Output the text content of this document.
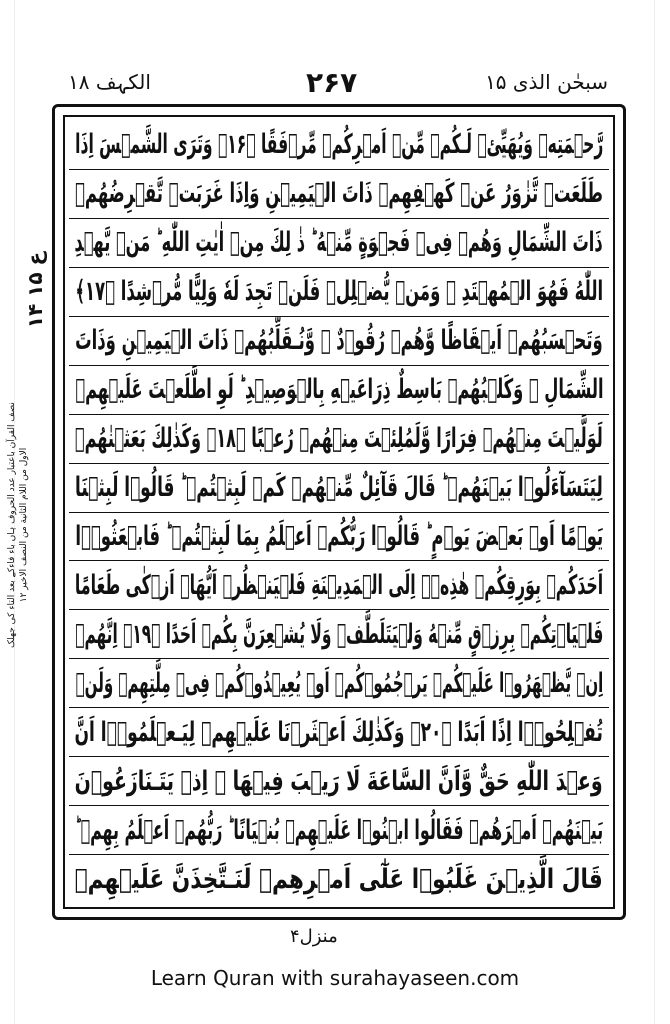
الکہف ۱۸	۲۶۷	سبحٰن الذی ۱۵
ع ۱۵ ۱۴
نصف القرآن باعتبار عدد الحروف ہاں باء فاءکے بعد التاء کی جھلک الاول من اللام الثانية من النصف الاخیر ۱۲
رَّحۡمَتِهٖ وَيُهَيِّئۡ لَـكُمۡ مِّنۡ اَمۡرِكُمۡ مِّرۡفَقًا ﴿۱۶﴾ وَتَرَى الشَّمۡسَ اِذَا
طَلَعَتۡ تَّزٰوَرُ عَنۡ كَهۡفِهِمۡ ذَاتَ الۡيَمِيۡنِ وَاِذَا غَرَبَتۡ تَّقۡرِضُهُمۡ
ذَاتَ الشِّمَالِ وَهُمۡ فِىۡ فَجۡوَةٍ مِّنۡهُ‌ ؕ ذٰ لِكَ مِنۡ اٰيٰتِ اللّٰهِ‌ ؕ مَنۡ يَّهۡدِ
اللّٰهُ فَهُوَ الۡمُهۡتَدِ‌ ۚ وَمَنۡ يُّضۡلِلۡ فَلَنۡ تَجِدَ لَهٗ وَلِيًّا مُّرۡشِدًا ﴿۱۷﴾
وَتَحۡسَبُهُمۡ اَيۡقَاظًا وَّهُمۡ رُقُوۡدٌ ‌ۖ وَّنُـقَلِّبُهُمۡ ذَاتَ الۡيَمِيۡنِ وَذَاتَ
الشِّمَالِ ‌ۖ وَكَلۡبُهُمۡ بَاسِطٌ ذِرَاعَيۡهِ بِالۡوَصِيۡدِ‌ ؕ لَوِ اطَّلَعۡتَ عَلَيۡهِمۡ
لَوَلَّيۡتَ مِنۡهُمۡ فِرَارًا وَّلَمُلِئۡتَ مِنۡهُمۡ رُعۡبًا ﴿۱۸﴾ وَكَذٰلِكَ بَعَثۡنٰهُمۡ
لِيَتَسَآءَلُوۡا بَيۡنَهُمۡ‌ ؕ قَالَ قَآئِلٌ مِّنۡهُمۡ كَمۡ لَبِثۡتُمۡ‌ ؕ قَالُوۡا لَبِثۡنَا
يَوۡمًا اَوۡ بَعۡضَ يَوۡمٍ‌ ؕ قَالُوۡا رَبُّكُمۡ اَعۡلَمُ بِمَا لَبِثۡتُمۡ ؕ فَابۡعَثُوۡۤا
اَحَدَكُمۡ بِوَرِقِكُمۡ هٰذِهٖۤ اِلَى الۡمَدِيۡنَةِ فَلۡيَنۡظُرۡ اَيُّهَاۤ اَزۡكٰى طَعَامًا
فَلۡيَاۡتِكُمۡ بِرِزۡقٍ مِّنۡهُ وَلۡيَتَلَطَّفۡ وَلَا يُشۡعِرَنَّ بِكُمۡ اَحَدًا ﴿۱۹﴾ اِنَّهُمۡ
اِنۡ يَّظۡهَرُوۡا عَلَيۡكُمۡ يَرۡجُمُوۡكُمۡ اَوۡ يُعِيۡدُوۡكُمۡ فِىۡ مِلَّتِهِمۡ وَلَنۡ
تُفۡلِحُوۡۤا اِذًا اَبَدًا ﴿۲۰﴾ وَكَذٰلِكَ اَعۡثَرۡنَا عَلَيۡهِمۡ لِيَـعۡلَمُوۡۤا اَنَّ
وَعۡدَ اللّٰهِ حَقٌّ وَّاَنَّ السَّاعَةَ لَا رَيۡبَ فِيۡهَا ‌ۚ اِذۡ يَتَـنَازَعُوۡنَ
بَيۡنَهُمۡ اَمۡرَهُمۡ فَقَالُوا ابۡنُوۡا عَلَيۡهِمۡ بُنۡيَانًا‌ ؕ رَبُّهُمۡ اَعۡلَمُ بِهِمۡ‌ ؕ
قَالَ الَّذِيۡنَ غَلَبُوۡا عَلٰٓى اَمۡرِهِمۡ لَنَـتَّخِذَنَّ عَلَيۡهِمۡ
منزل۴
Learn Quran with surahayaseen.com
